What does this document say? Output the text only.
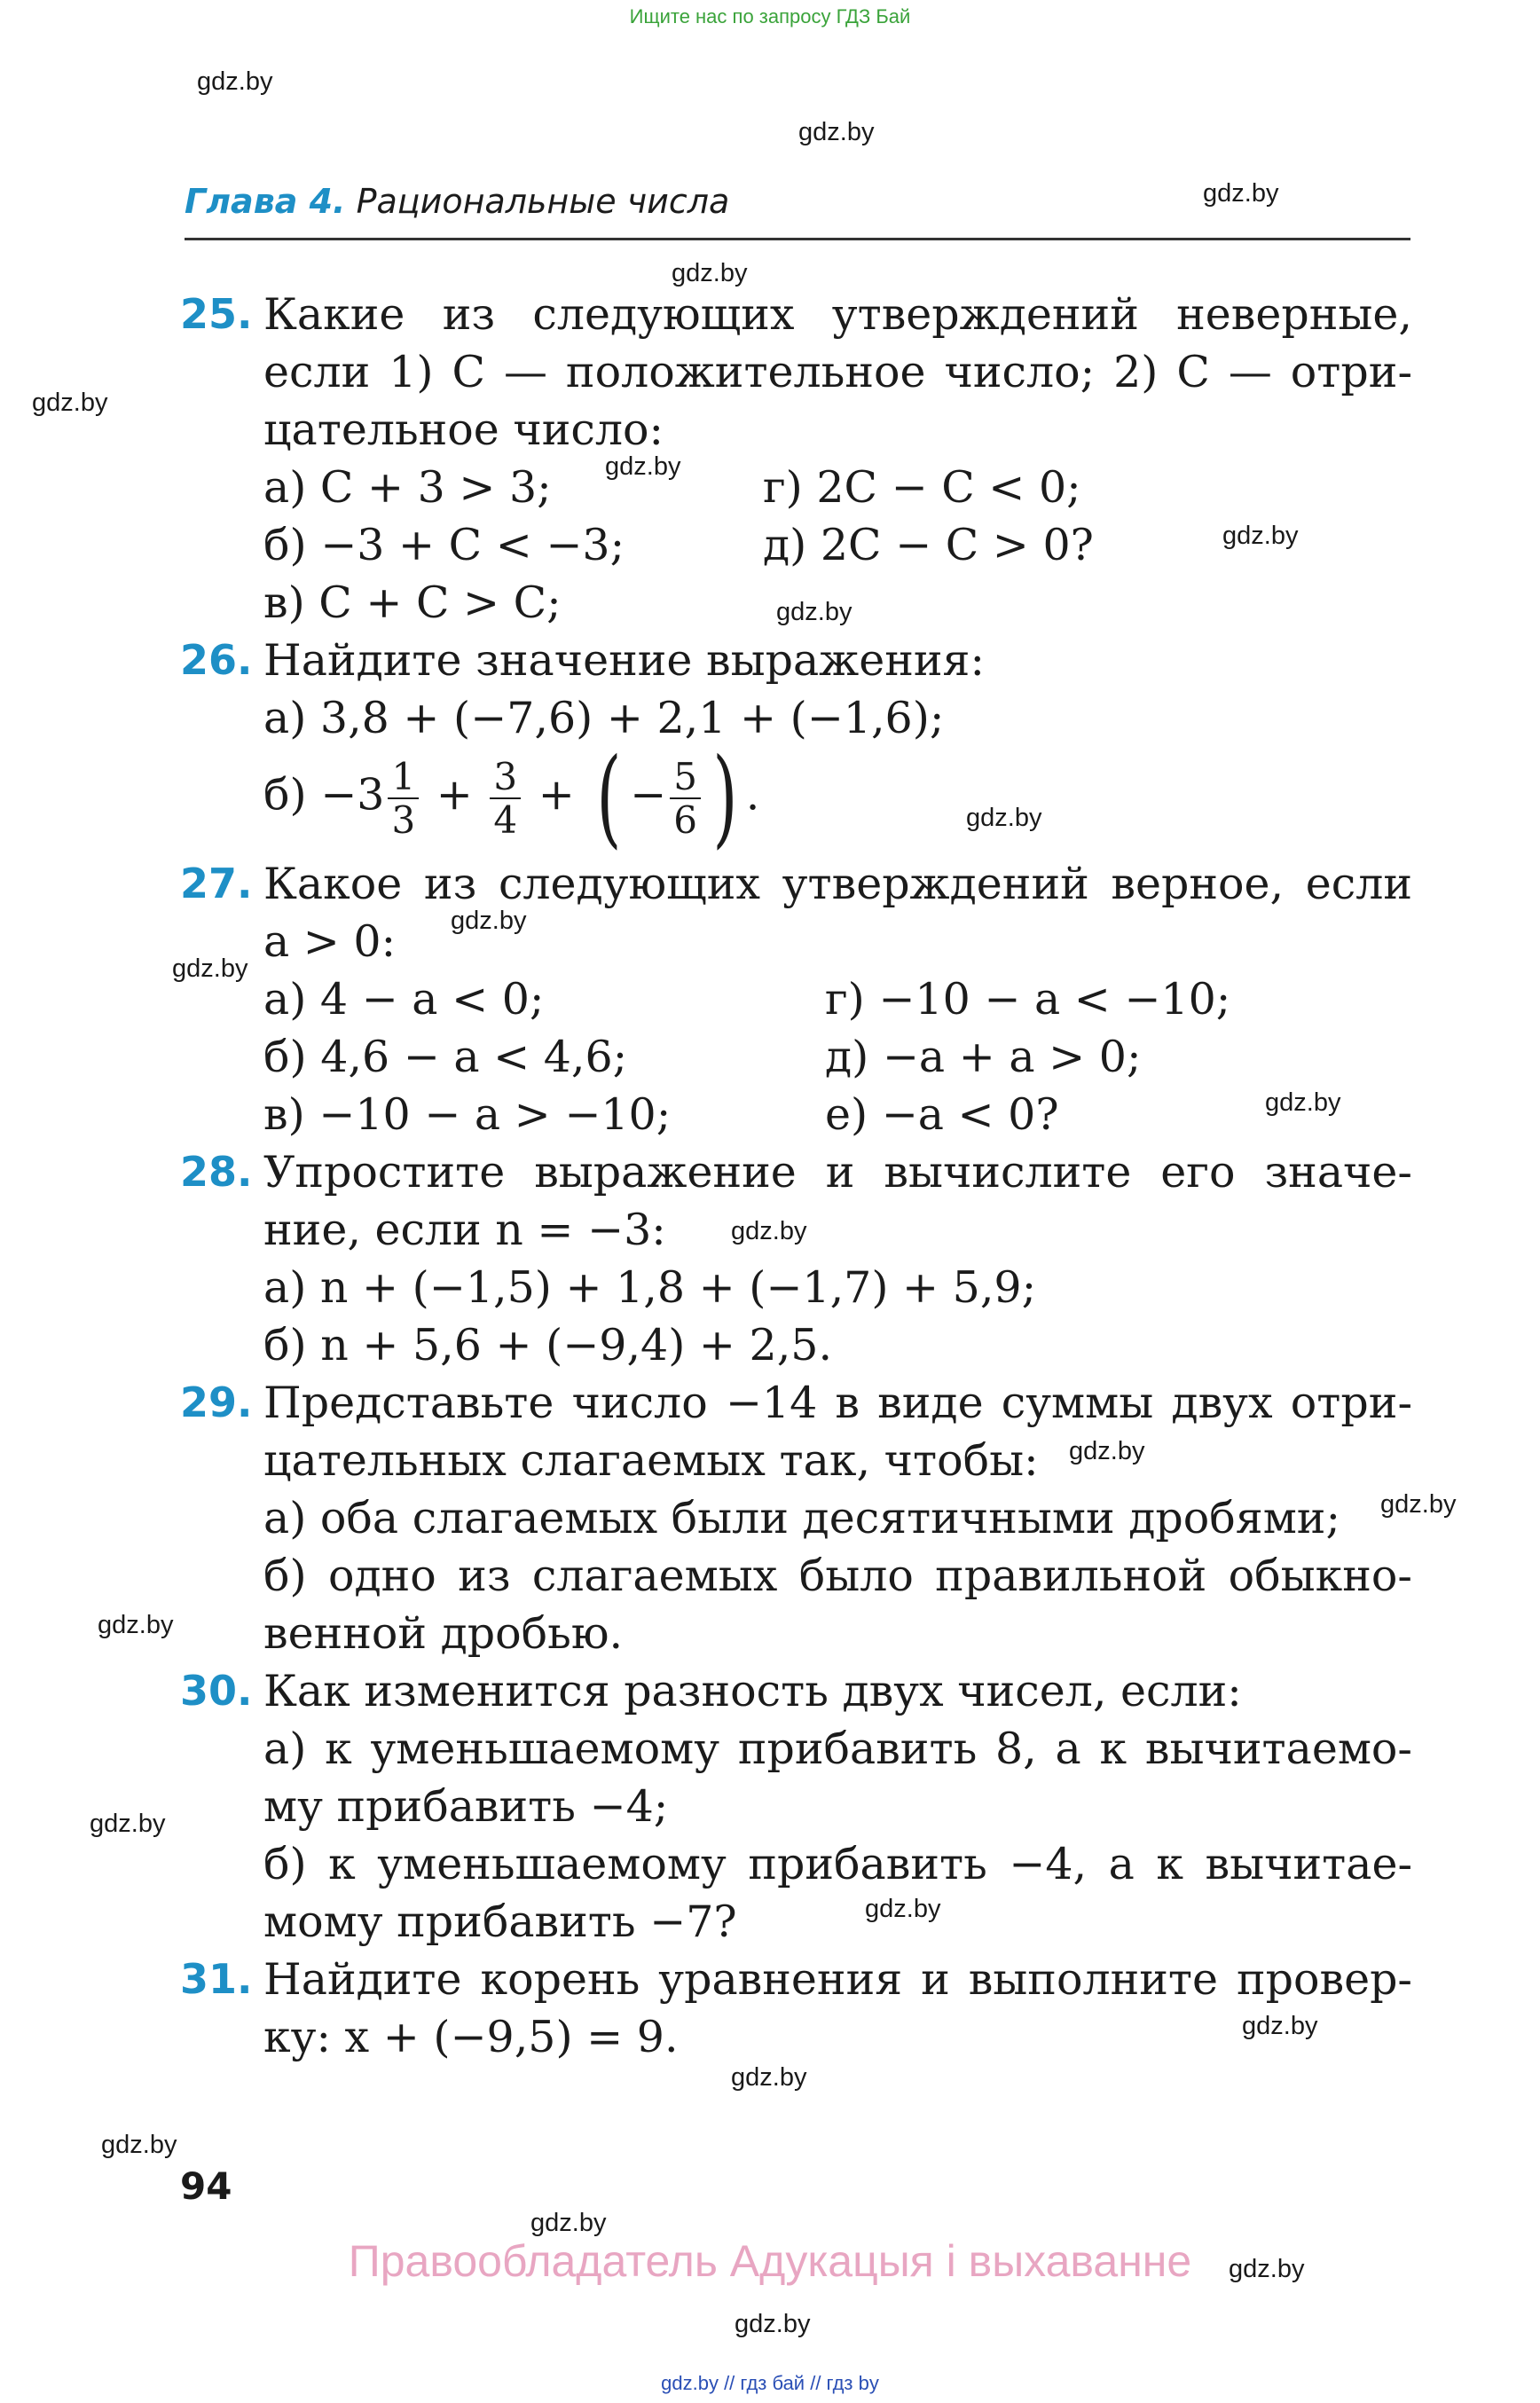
Ищите нас по запросу ГДЗ Бай
gdz.by
gdz.by
gdz.by
gdz.by
gdz.by
gdz.by
gdz.by
gdz.by
gdz.by
gdz.by
gdz.by
gdz.by
gdz.by
gdz.by
gdz.by
gdz.by
gdz.by
gdz.by
gdz.by
gdz.by
gdz.by
gdz.by
gdz.by
gdz.by
Глава 4. Рациональные числа
25. Какие из следующих утверждений неверные,
если 1) C — положительное число; 2) C — отри-
цательное число:
а) C + 3 > 3;
б) −3 + C < −3;
в) C + C > C;
г) 2C − C < 0;
д) 2C − C > 0?
26. Найдите значение выражения:
а) 3,8 + (−7,6) + 2,1 + (−1,6);
$б) -3 \frac{1}{3} + \frac{3}{4}$ + ( − $\frac{5}{6}$ ) .
27. Какое из следующих утверждений верное, если
a > 0:
а) 4 − a < 0;
б) 4,6 − a < 4,6;
в) −10 − a > −10;
г) −10 − a < −10;
д) −a + a > 0;
е) −a < 0?
28. Упростите выражение и вычислите его значе-
ние, если n = −3:
а) n + (−1,5) + 1,8 + (−1,7) + 5,9;
б) n + 5,6 + (−9,4) + 2,5.
29. Представьте число −14 в виде суммы двух отри-
цательных слагаемых так, чтобы:
а) оба слагаемых были десятичными дробями;
б) одно из слагаемых было правильной обыкно-
венной дробью.
30. Как изменится разность двух чисел, если:
а) к уменьшаемому прибавить 8, а к вычитаемо-
му прибавить −4;
б) к уменьшаемому прибавить −4, а к вычитае-
мому прибавить −7?
31. Найдите корень уравнения и выполните провер-
ку: x + (−9,5) = 9.
94
Правообладатель Адукацыя і выхаванне
gdz.by // гдз бай // гдз by
